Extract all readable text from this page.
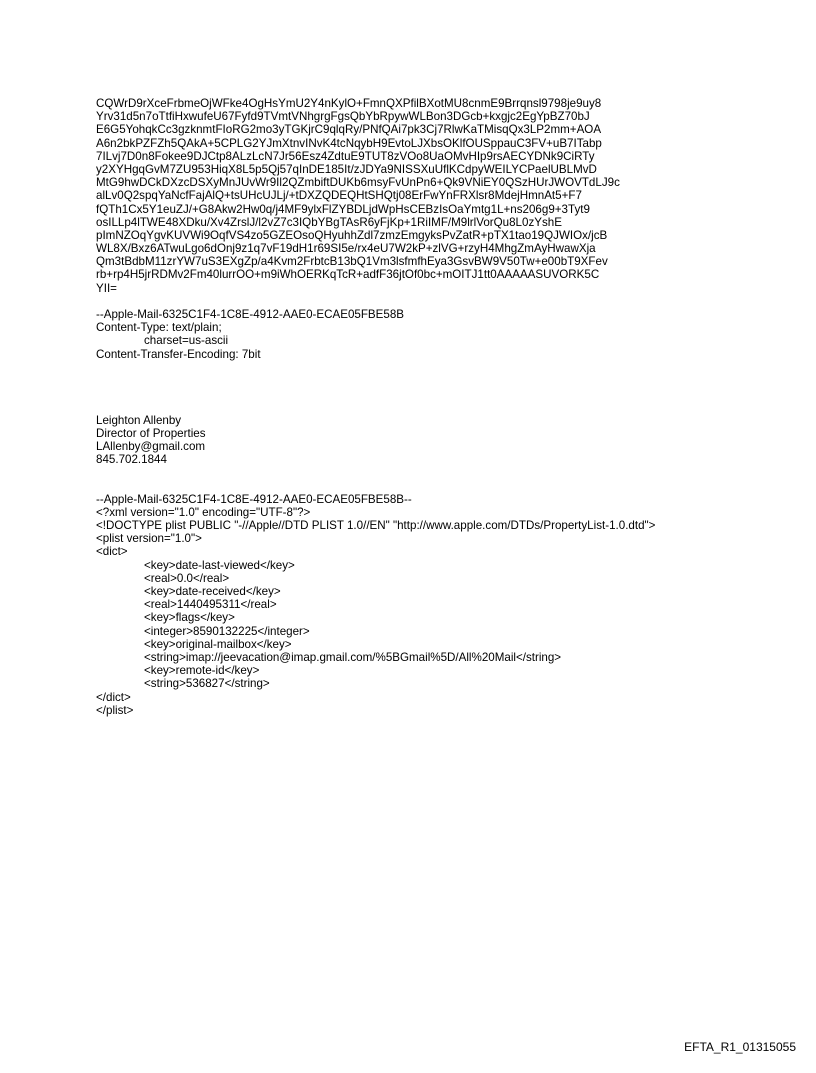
CQWrD9rXceFrbmeOjWFke4OgHsYmU2Y4nKylO+FmnQXPfilBXotMU8cnmE9Brrqnsl9798je9uy8
Yrv31d5n7oTtfiHxwufeU67Fyfd9TVmtVNhgrgFgsQbYbRpywWLBon3DGcb+kxgjc2EgYpBZ70bJ
E6G5YohqkCc3gzknmtFIoRG2mo3yTGKjrC9qlqRy/PNfQAi7pk3Cj7RlwKaTMisqQx3LP2mm+AOA
A6n2bkPZFZh5QAkA+5CPLG2YJmXtnvINvK4tcNqybH9EvtoLJXbsOKlfOUSppauC3FV+uB7ITabp
7ILvj7D0n8Fokee9DJCtp8ALzLcN7Jr56Esz4ZdtuE9TUT8zVOo8UaOMvHIp9rsAECYDNk9CiRTy
y2XYHgqGvM7ZU953HiqX8L5p5Qj57qInDE185It/zJDYa9NISSXuUflKCdpyWEILYCPaelUBLMvD
MtG9hwDCkDXzcDSXyMnJUvWr9Il2QZmbiftDUKb6msyFvUnPn6+Qk9VNiEY0QSzHUrJWOVTdLJ9c
alLv0Q2spqYaNcfFajAlQ+tsUHcUJLj/+tDXZQDEQHtSHQtj08ErFwYnFRXlsr8MdejHmnAt5+F7
fQTh1Cx5Y1euZJ/+G8Akw2Hw0q/j4MF9ylxFlZYBDLjdWpHsCEBzIsOaYmtg1L+ns206g9+3Tyt9
osILLp4lTWE48XDku/Xv4ZrslJ/l2vZ7c3IQbYBgTAsR6yFjKp+1RiIMF/M9lrlVorQu8L0zYshE
pImNZOqYgvKUVWi9OqfVS4zo5GZEOsoQHyuhhZdl7zmzEmgyksPvZatR+pTX1tao19QJWIOx/jcB
WL8X/Bxz6ATwuLgo6dOnj9z1q7vF19dH1r69SI5e/rx4eU7W2kP+zlVG+rzyH4MhgZmAyHwawXja
Qm3tBdbM11zrYW7uS3EXgZp/a4Kvm2FrbtcB13bQ1Vm3lsfmfhEya3GsvBW9V50Tw+e00bT9XFev
rb+rp4H5jrRDMv2Fm40lurrOO+m9iWhOERKqTcR+adfF36jtOf0bc+mOITJ1tt0AAAAASUVORK5C
YII=
--Apple-Mail-6325C1F4-1C8E-4912-AAE0-ECAE05FBE58B
Content-Type: text/plain;
charset=us-ascii
Content-Transfer-Encoding: 7bit
Leighton Allenby
Director of Properties
LAllenby@gmail.com
845.702.1844
--Apple-Mail-6325C1F4-1C8E-4912-AAE0-ECAE05FBE58B--
<?xml version="1.0" encoding="UTF-8"?>
<!DOCTYPE plist PUBLIC "-//Apple//DTD PLIST 1.0//EN" "http://www.apple.com/DTDs/PropertyList-1.0.dtd">
<plist version="1.0">
<dict>
<key>date-last-viewed</key>
<real>0.0</real>
<key>date-received</key>
<real>1440495311</real>
<key>flags</key>
<integer>8590132225</integer>
<key>original-mailbox</key>
<string>imap://jeevacation@imap.gmail.com/%5BGmail%5D/All%20Mail</string>
<key>remote-id</key>
<string>536827</string>
</dict>
</plist>
EFTA_R1_01315055
